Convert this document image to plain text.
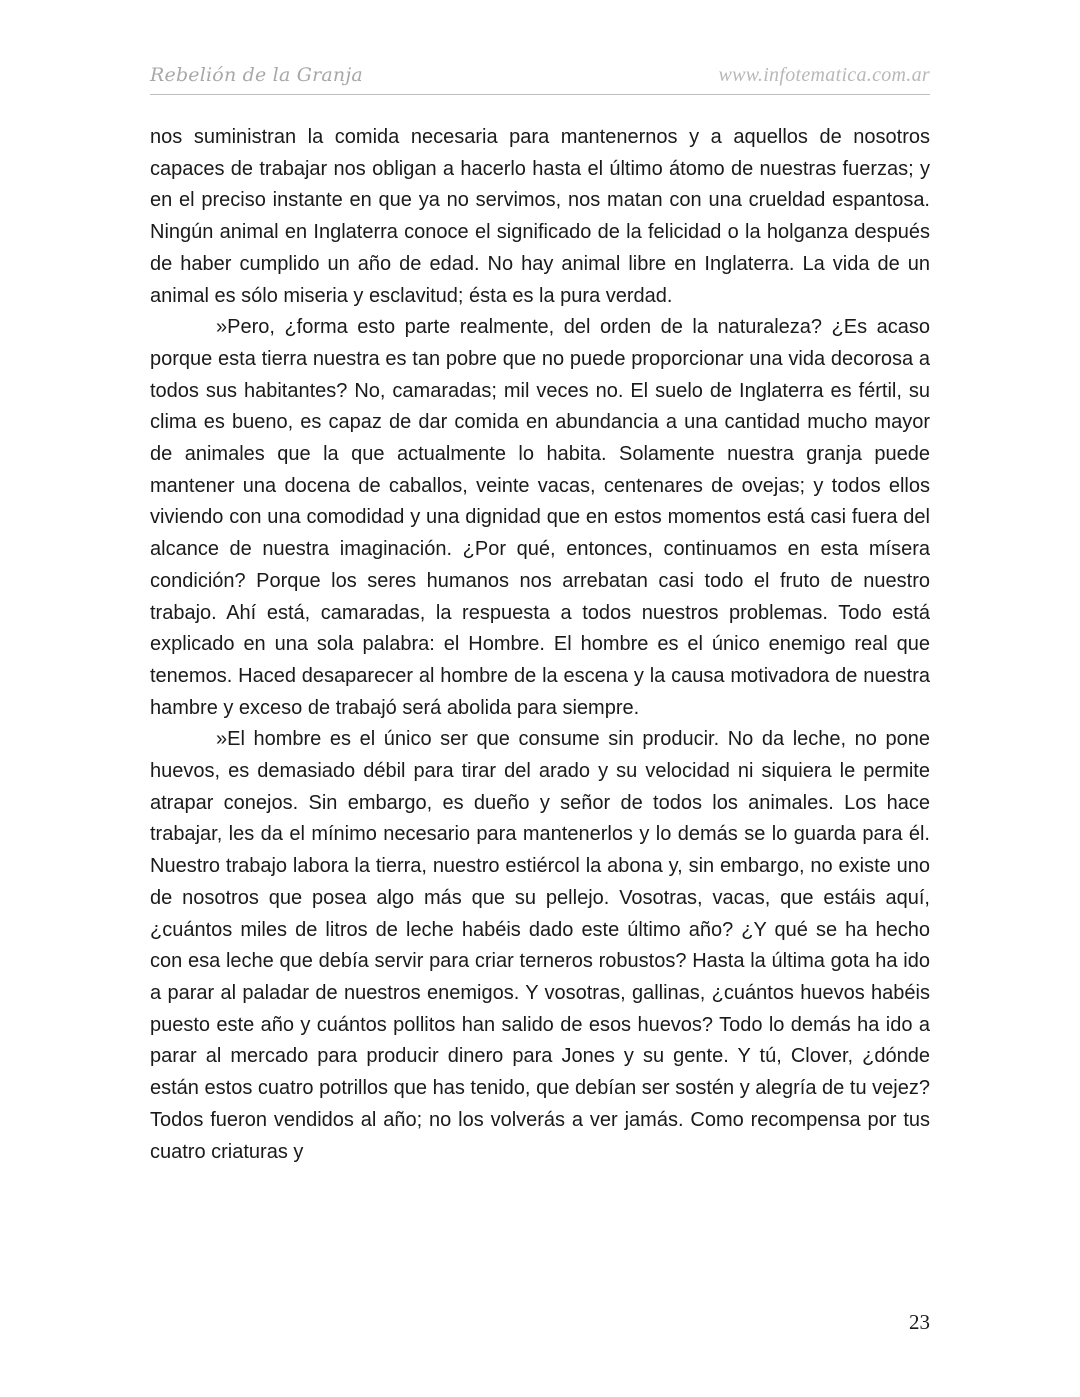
Rebelión de la Granja	www.infotematica.com.ar

nos suministran la comida necesaria para mantenernos y a aquellos de nosotros capaces de trabajar nos obligan a hacerlo hasta el último átomo de nuestras fuerzas; y en el preciso instante en que ya no servimos, nos matan con una crueldad espantosa. Ningún animal en Inglaterra conoce el significado de la felicidad o la holganza después de haber cumplido un año de edad. No hay animal libre en Inglaterra. La vida de un animal es sólo miseria y esclavitud; ésta es la pura verdad.

»Pero, ¿forma esto parte realmente, del orden de la naturaleza? ¿Es acaso porque esta tierra nuestra es tan pobre que no puede proporcionar una vida decorosa a todos sus habitantes? No, camaradas; mil veces no. El suelo de Inglaterra es fértil, su clima es bueno, es capaz de dar comida en abundancia a una cantidad mucho mayor de animales que la que actualmente lo habita. Solamente nuestra granja puede mantener una docena de caballos, veinte vacas, centenares de ovejas; y todos ellos viviendo con una comodidad y una dignidad que en estos momentos está casi fuera del alcance de nuestra imaginación. ¿Por qué, entonces, continuamos en esta mísera condición? Porque los seres humanos nos arrebatan casi todo el fruto de nuestro trabajo. Ahí está, camaradas, la respuesta a todos nuestros problemas. Todo está explicado en una sola palabra: el Hombre. El hombre es el único enemigo real que tenemos. Haced desaparecer al hombre de la escena y la causa motivadora de nuestra hambre y exceso de trabajó será abolida para siempre.

»El hombre es el único ser que consume sin producir. No da leche, no pone huevos, es demasiado débil para tirar del arado y su velocidad ni siquiera le permite atrapar conejos. Sin embargo, es dueño y señor de todos los animales. Los hace trabajar, les da el mínimo necesario para mantenerlos y lo demás se lo guarda para él. Nuestro trabajo labora la tierra, nuestro estiércol la abona y, sin embargo, no existe uno de nosotros que posea algo más que su pellejo. Vosotras, vacas, que estáis aquí, ¿cuántos miles de litros de leche habéis dado este último año? ¿Y qué se ha hecho con esa leche que debía servir para criar terneros robustos? Hasta la última gota ha ido a parar al paladar de nuestros enemigos. Y vosotras, gallinas, ¿cuántos huevos habéis puesto este año y cuántos pollitos han salido de esos huevos? Todo lo demás ha ido a parar al mercado para producir dinero para Jones y su gente. Y tú, Clover, ¿dónde están estos cuatro potrillos que has tenido, que debían ser sostén y alegría de tu vejez? Todos fueron vendidos al año; no los volverás a ver jamás. Como recompensa por tus cuatro criaturas y

23
